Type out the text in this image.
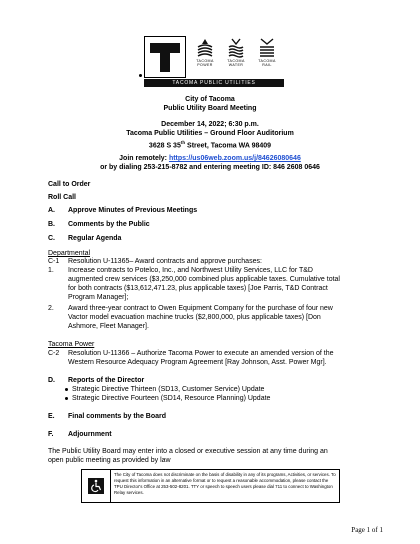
TACOMA
POWER
TACOMA
WATER
TACOMA
RAIL
TACOMA PUBLIC UTILITIES
City of Tacoma
Public Utility Board Meeting
December 14, 2022; 6:30 p.m.
Tacoma Public Utilities – Ground Floor Auditorium
3628 S 35th Street, Tacoma WA 98409
Join remotely: https://us06web.zoom.us/j/84626080646
or by dialing 253-215-8782 and entering meeting ID: 846 2608 0646
Call to Order
Roll Call
A. Approve Minutes of Previous Meetings
B. Comments by the Public
C. Regular Agenda
Departmental
C-1 Resolution U-11365– Award contracts and approve purchases:
1. Increase contracts to Potelco, Inc., and Northwest Utility Services, LLC for T&D
augmented crew services ($3,250,000 combined plus applicable taxes. Cumulative total
for both contracts ($13,612,471.23, plus applicable taxes) [Joe Parris, T&D Contract
Program Manager];
2. Award three-year contract to Owen Equipment Company for the purchase of four new
Vactor model evacuation machine trucks ($2,800,000, plus applicable taxes) [Don
Ashmore, Fleet Manager].
Tacoma Power
C-2 Resolution U-11366 – Authorize Tacoma Power to execute an amended version of the
Western Resource Adequacy Program Agreement [Ray Johnson, Asst. Power Mgr].
D. Reports of the Director
Strategic Directive Thirteen (SD13, Customer Service) Update
Strategic Directive Fourteen (SD14, Resource Planning) Update
E. Final comments by the Board
F. Adjournment
The Public Utility Board may enter into a closed or executive session at any time during an
open public meeting as provided by law
The City of Tacoma does not discriminate on the basis of disability in any of its programs, Activities, or services. To request this information in an alternative format or to request a reasonable accommodation, please contact the TPU Director's Office at 253-502-8201. TTY or speech to speech users please dial 711 to connect to Washington Relay services.
Page 1 of 1
